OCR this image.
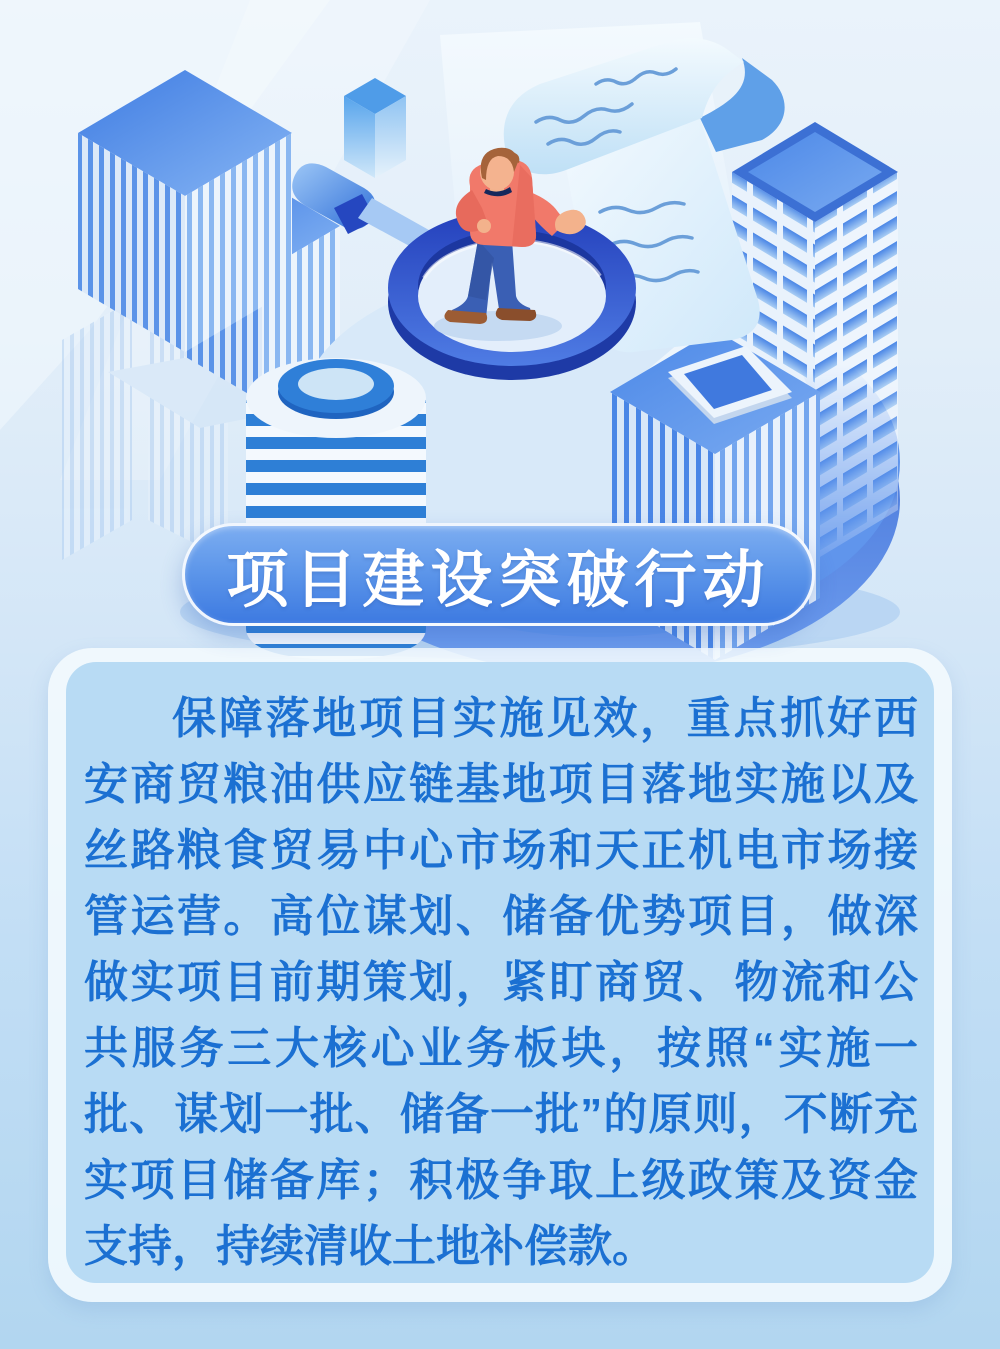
项目建设突破行动

保障落地项目实施见效，重点抓好西安商贸粮油供应链基地项目落地实施以及丝路粮食贸易中心市场和天正机电市场接管运营。高位谋划、储备优势项目，做深做实项目前期策划，紧盯商贸、物流和公共服务三大核心业务板块，按照“实施一批、谋划一批、储备一批”的原则，不断充实项目储备库；积极争取上级政策及资金支持，持续清收土地补偿款。
